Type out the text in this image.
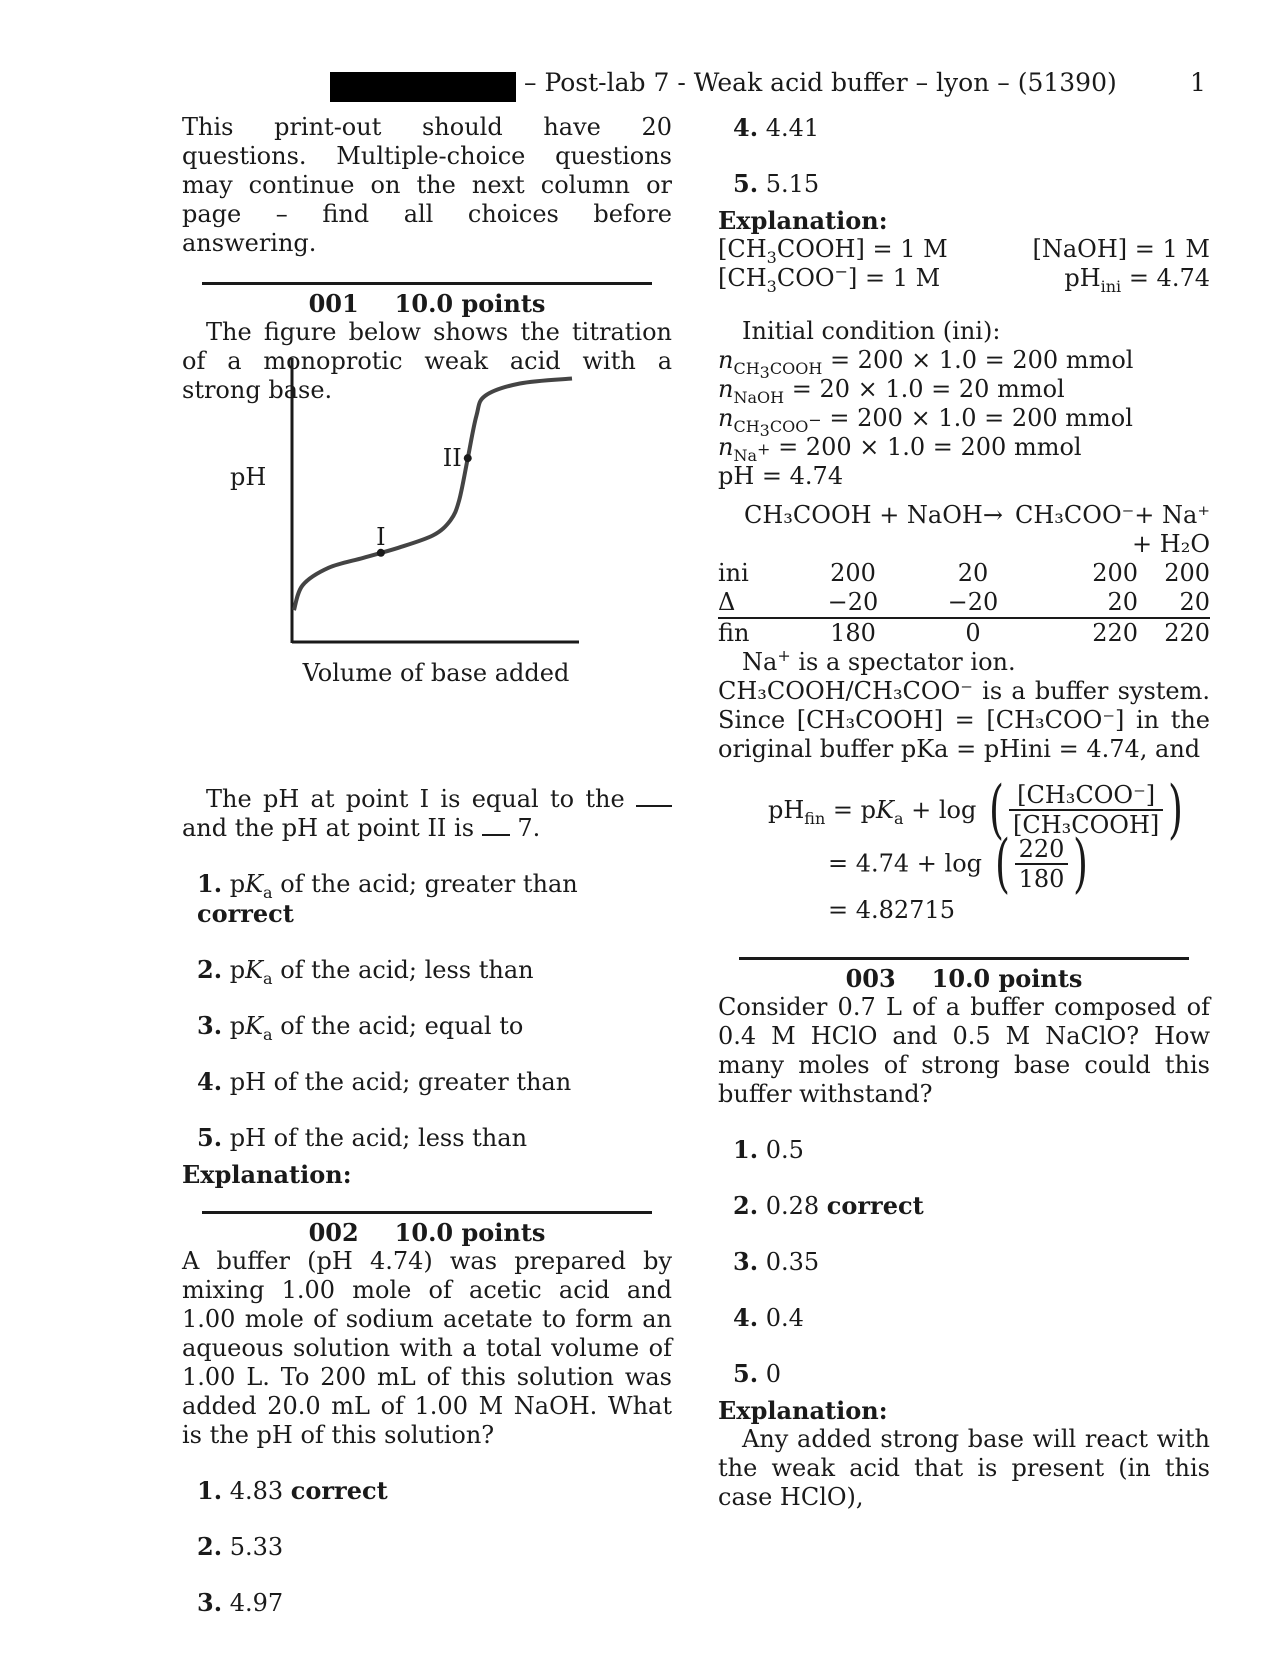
– Post-lab 7 - Weak acid buffer – lyon – (51390)	1
This print-out should have 20 questions. Multiple-choice questions may continue on the next column or page – find all choices before answering.
001 10.0 points
The figure below shows the titration of a monoprotic weak acid with a strong base.
pH
Volume of base added
I
II
The pH at point I is equal to the  and the pH at point II is 7.
1. $pK_a$ of the acid; greater than correct
2. $pK_a$ of the acid; less than
3. $pK_a$ of the acid; equal to
4. pH of the acid; greater than
5. pH of the acid; less than
Explanation:
002 10.0 points
A buffer (pH 4.74) was prepared by mixing 1.00 mole of acetic acid and 1.00 mole of sodium acetate to form an aqueous solution with a total volume of 1.00 L. To 200 mL of this solution was added 20.0 mL of 1.00 M NaOH. What is the pH of this solution?
1. 4.83 correct
2. 5.33
3. 4.97
4. 4.41
5. 5.15
Explanation:
$[CH_3COOH] = 1$ M	[NaOH] = 1 M
$[CH_3COO^-] = 1$ M	$pH_{ini} = 4.74$
Initial condition (ini):
$n_{CH_3COOH} = 200 \times 1.0 = 200$ mmol
$n_{NaOH} = 20 \times 1.0 = 20$ mmol
$n_{CH_3COO^-} = 200 \times 1.0 = 200$ mmol
$n_{Na^+} = 200 \times 1.0 = 200$ mmol
pH = 4.74
CH₃COOH + NaOH→ CH₃COO⁻+ Na⁺
+ H₂O
ini	200	20	200	200
Δ	−20	−20	20	20
fin	180	0	220	220
Na+ is a spectator ion.
CH₃COOH/CH₃COO⁻ is a buffer system. Since [CH₃COOH] = [CH₃COO⁻] in the original buffer pKa = pHini = 4.74, and
$pH_{fin} = pK_a + \log$ ( $\frac{\text{[CH₃COO⁻]}}{\text{[CH₃COOH]}}$ )
= 4.74 + log ( $\frac{220}{180}$ )
= 4.82715
003 10.0 points
Consider 0.7 L of a buffer composed of 0.4 M HClO and 0.5 M NaClO? How many moles of strong base could this buffer withstand?
1. 0.5
2. 0.28 correct
3. 0.35
4. 0.4
5. 0
Explanation:
Any added strong base will react with the weak acid that is present (in this case HClO),
